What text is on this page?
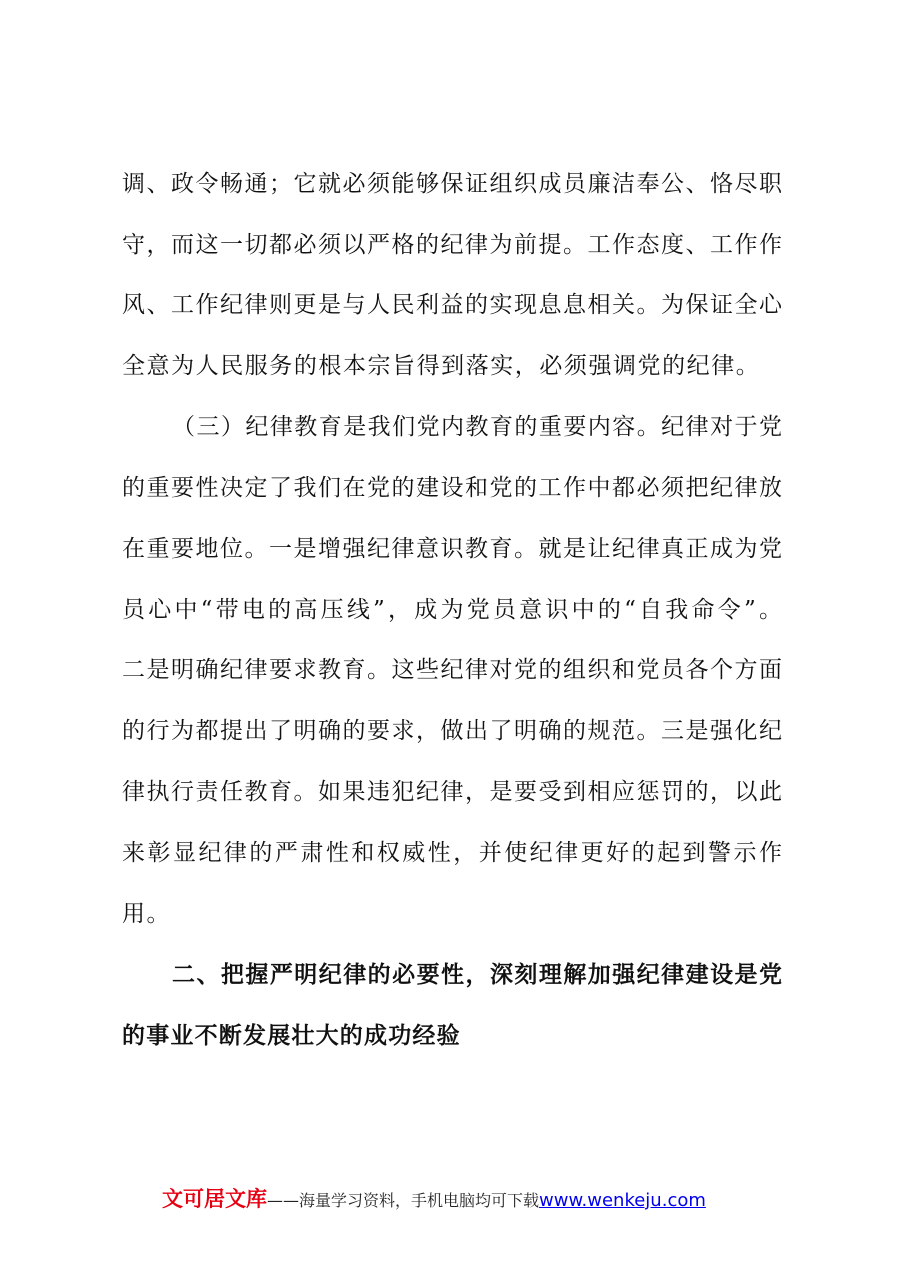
调、政令畅通；它就必须能够保证组织成员廉洁奉公、恪尽职
守，而这一切都必须以严格的纪律为前提。工作态度、工作作
风、工作纪律则更是与人民利益的实现息息相关。为保证全心
全意为人民服务的根本宗旨得到落实，必须强调党的纪律。
（三）纪律教育是我们党内教育的重要内容。纪律对于党
的重要性决定了我们在党的建设和党的工作中都必须把纪律放
在重要地位。一是增强纪律意识教育。就是让纪律真正成为党
员心中“带电的高压线”，成为党员意识中的“自我命令”。
二是明确纪律要求教育。这些纪律对党的组织和党员各个方面
的行为都提出了明确的要求，做出了明确的规范。三是强化纪
律执行责任教育。如果违犯纪律，是要受到相应惩罚的，以此
来彰显纪律的严肃性和权威性，并使纪律更好的起到警示作
用。
二、把握严明纪律的必要性，深刻理解加强纪律建设是党
的事业不断发展壮大的成功经验
文可居文库——海量学习资料，手机电脑均可下载www.wenkeju.com
